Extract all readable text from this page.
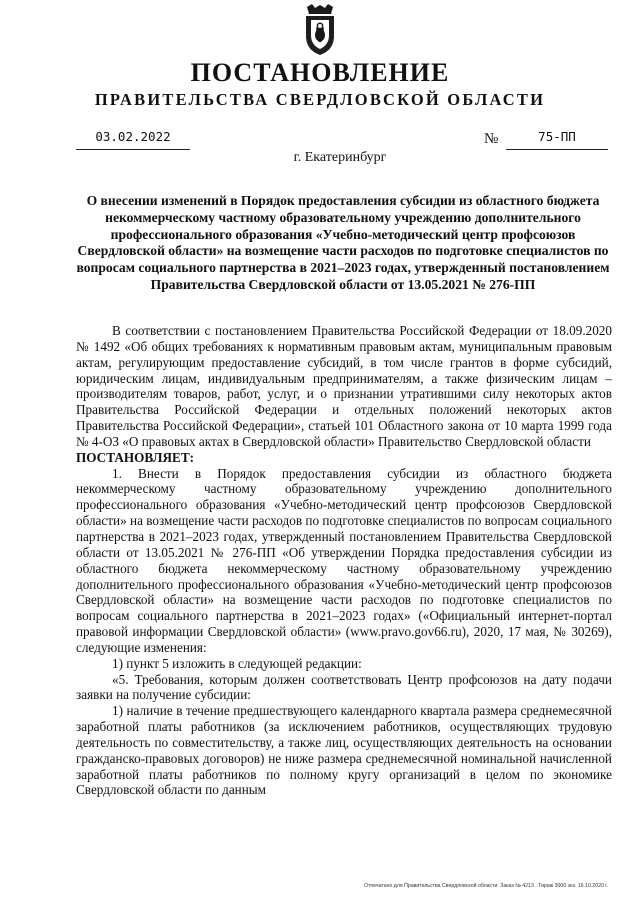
ПОСТАНОВЛЕНИЕ
ПРАВИТЕЛЬСТВА СВЕРДЛОВСКОЙ ОБЛАСТИ
03.02.2022	№	75-ПП
г. Екатеринбург
О внесении изменений в Порядок предоставления субсидии из областного бюджета некоммерческому частному образовательному учреждению дополнительного профессионального образования «Учебно-методический центр профсоюзов Свердловской области» на возмещение части расходов по подготовке специалистов по вопросам социального партнерства в 2021–2023 годах, утвержденный постановлением Правительства Свердловской области от 13.05.2021 № 276-ПП

В соответствии с постановлением Правительства Российской Федерации от 18.09.2020 № 1492 «Об общих требованиях к нормативным правовым актам, муниципальным правовым актам, регулирующим предоставление субсидий, в том числе грантов в форме субсидий, юридическим лицам, индивидуальным предпринимателям, а также физическим лицам – производителям товаров, работ, услуг, и о признании утратившими силу некоторых актов Правительства Российской Федерации и отдельных положений некоторых актов Правительства Российской Федерации», статьей 101 Областного закона от 10 марта 1999 года № 4-ОЗ «О правовых актах в Свердловской области» Правительство Свердловской области

ПОСТАНОВЛЯЕТ:

1. Внести в Порядок предоставления субсидии из областного бюджета некоммерческому частному образовательному учреждению дополнительного профессионального образования «Учебно-методический центр профсоюзов Свердловской области» на возмещение части расходов по подготовке специалистов по вопросам социального партнерства в 2021–2023 годах, утвержденный постановлением Правительства Свердловской области от 13.05.2021 № 276-ПП «Об утверждении Порядка предоставления субсидии из областного бюджета некоммерческому частному образовательному учреждению дополнительного профессионального образования «Учебно-методический центр профсоюзов Свердловской области» на возмещение части расходов по подготовке специалистов по вопросам социального партнерства в 2021–2023 годах» («Официальный интернет-портал правовой информации Свердловской области» (www.pravo.gov66.ru), 2020, 17 мая, № 30269), следующие изменения:

1) пункт 5 изложить в следующей редакции:

«5. Требования, которым должен соответствовать Центр профсоюзов на дату подачи заявки на получение субсидии:

1) наличие в течение предшествующего календарного квартала размера среднемесячной заработной платы работников (за исключением работников, осуществляющих трудовую деятельность по совместительству, а также лиц, осуществляющих деятельность на основании гражданско-правовых договоров) не ниже размера среднемесячной номинальной начисленной заработной платы работников по полному кругу организаций в целом по экономике Свердловской области по данным

Отпечатано для Правительства Свердловской области. Заказ № 4213 . Тираж 3000 экз. 16.10.2020 г.
